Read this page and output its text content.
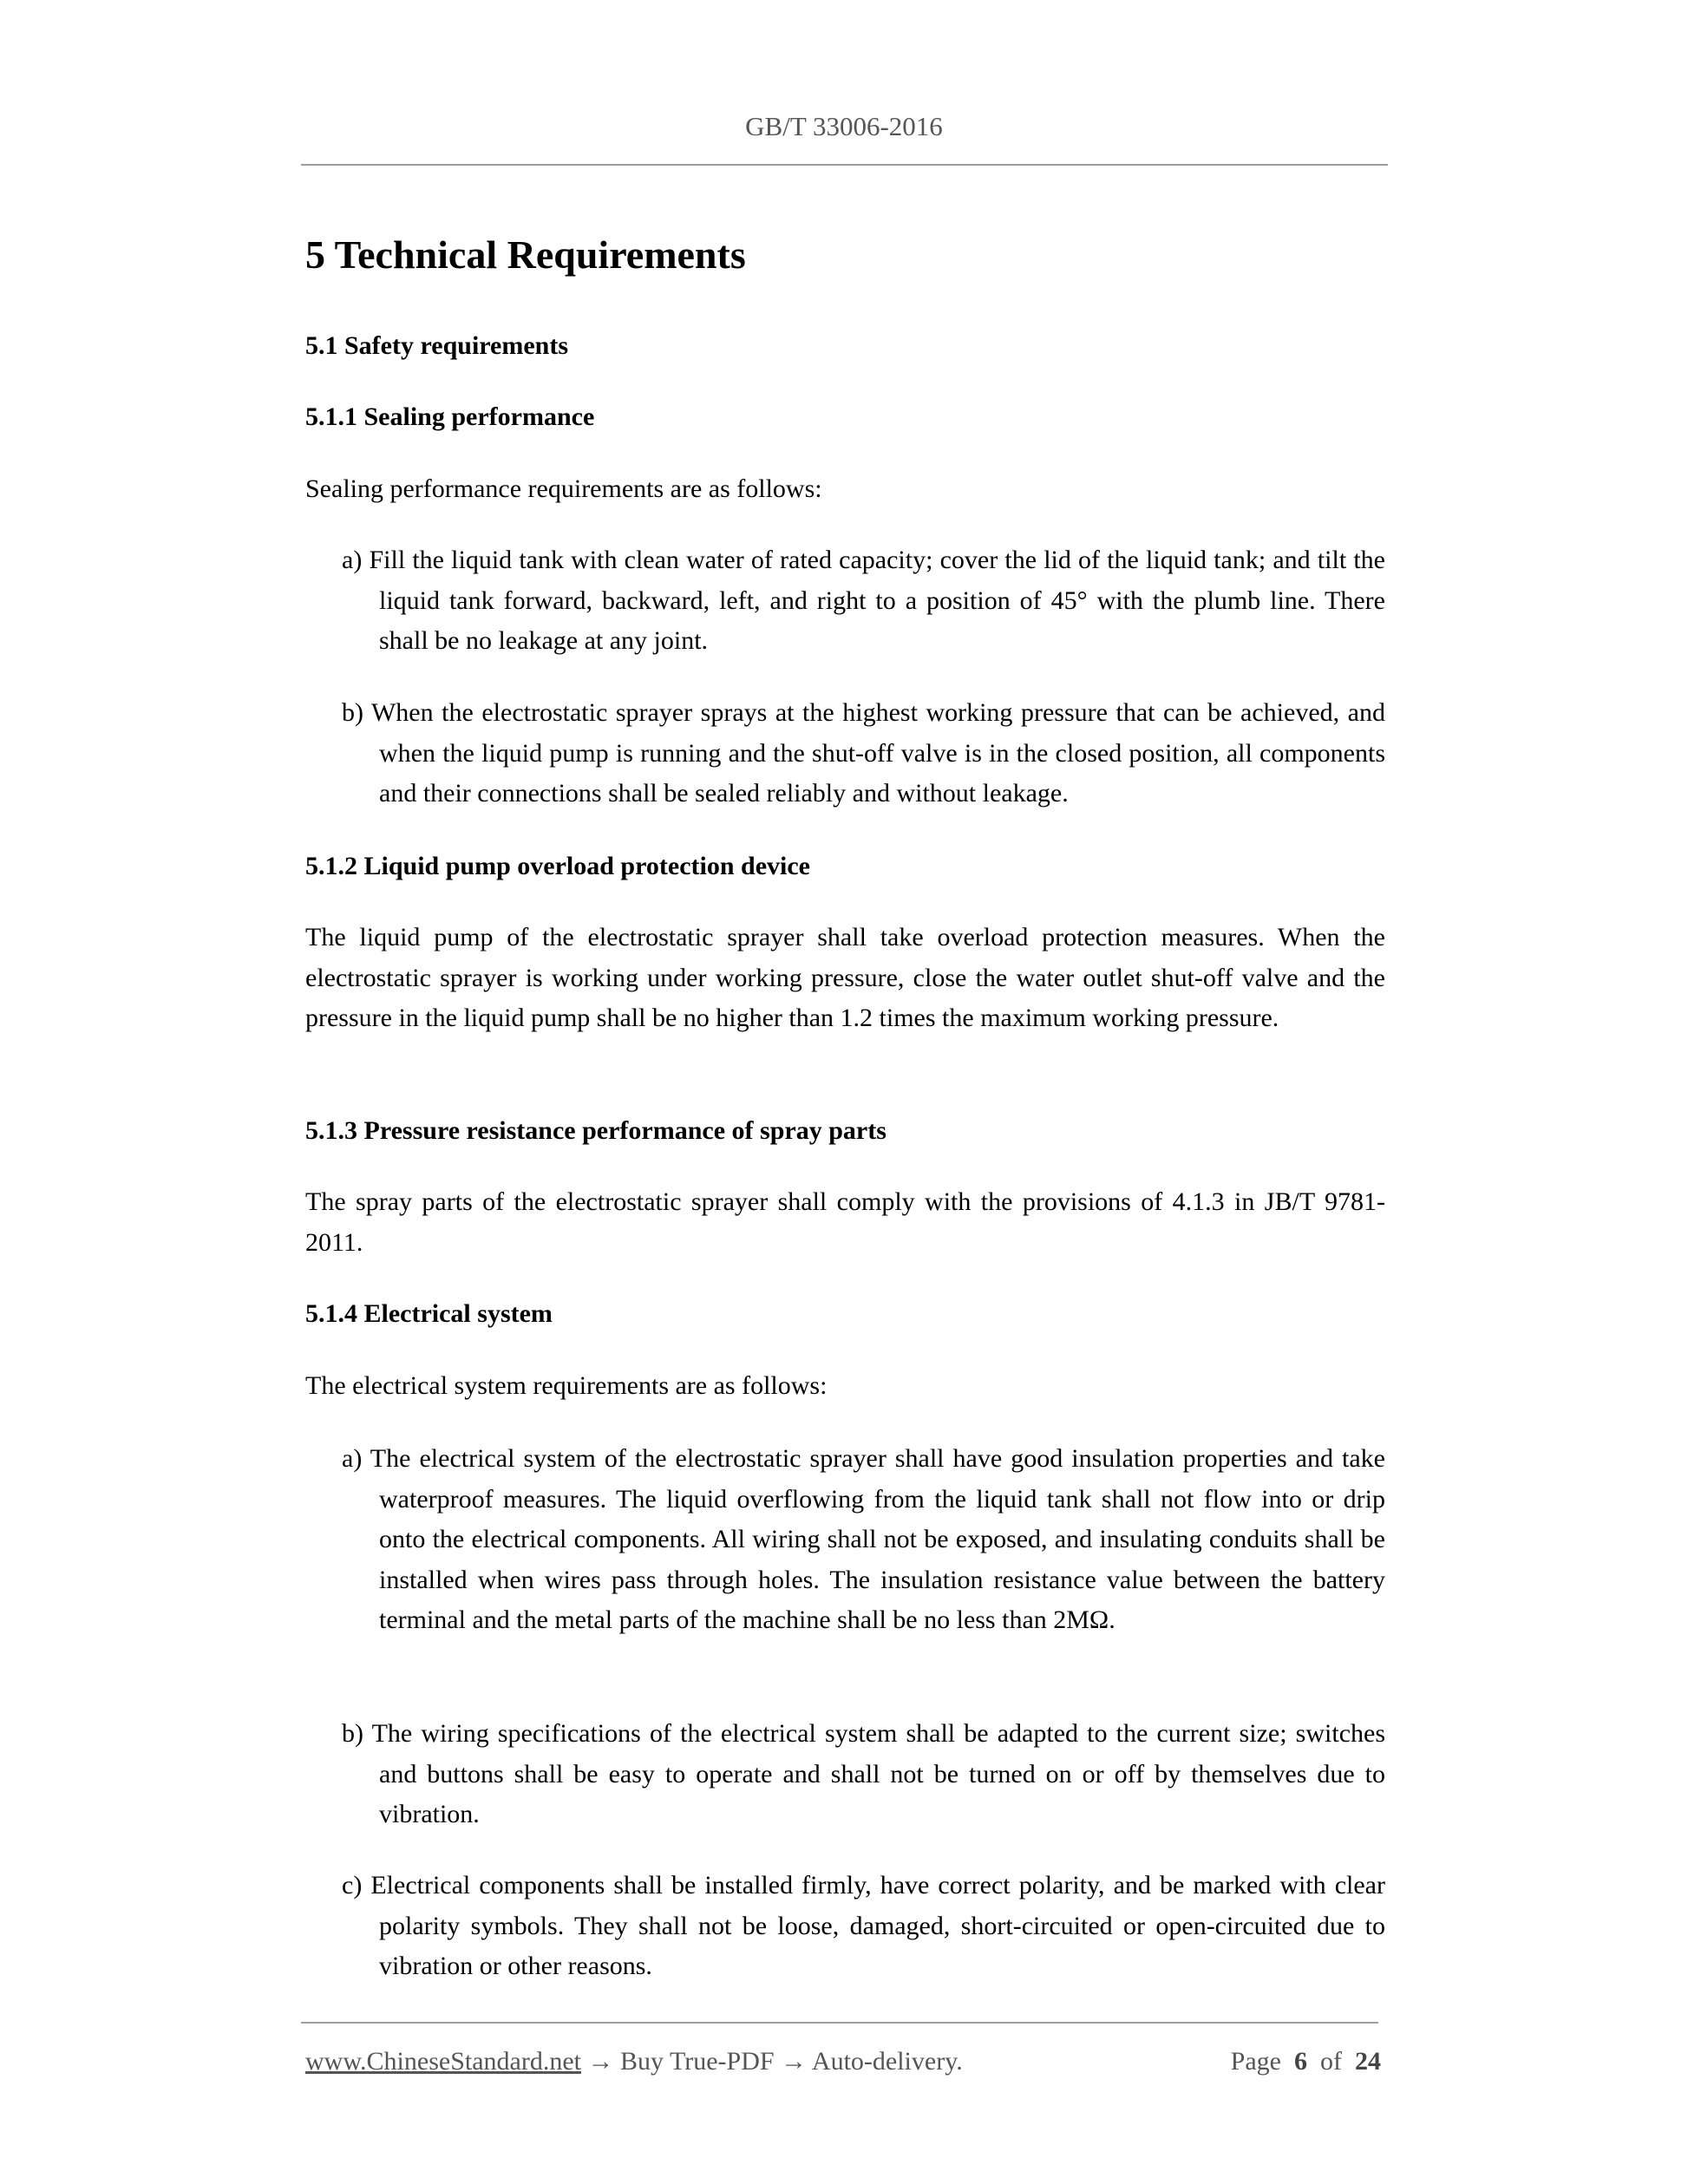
GB/T 33006-2016
5 Technical Requirements
5.1 Safety requirements
5.1.1 Sealing performance
Sealing performance requirements are as follows:
a) Fill the liquid tank with clean water of rated capacity; cover the lid of the liquid tank; and tilt the liquid tank forward, backward, left, and right to a position of 45° with the plumb line. There shall be no leakage at any joint.
b) When the electrostatic sprayer sprays at the highest working pressure that can be achieved, and when the liquid pump is running and the shut-off valve is in the closed position, all components and their connections shall be sealed reliably and without leakage.
5.1.2 Liquid pump overload protection device
The liquid pump of the electrostatic sprayer shall take overload protection measures. When the electrostatic sprayer is working under working pressure, close the water outlet shut-off valve and the pressure in the liquid pump shall be no higher than 1.2 times the maximum working pressure.
5.1.3 Pressure resistance performance of spray parts
The spray parts of the electrostatic sprayer shall comply with the provisions of 4.1.3 in JB/T 9781-2011.
5.1.4 Electrical system
The electrical system requirements are as follows:
a) The electrical system of the electrostatic sprayer shall have good insulation properties and take waterproof measures. The liquid overflowing from the liquid tank shall not flow into or drip onto the electrical components. All wiring shall not be exposed, and insulating conduits shall be installed when wires pass through holes. The insulation resistance value between the battery terminal and the metal parts of the machine shall be no less than 2MΩ.
b) The wiring specifications of the electrical system shall be adapted to the current size; switches and buttons shall be easy to operate and shall not be turned on or off by themselves due to vibration.
c) Electrical components shall be installed firmly, have correct polarity, and be marked with clear polarity symbols. They shall not be loose, damaged, short-circuited or open-circuited due to vibration or other reasons.
www.ChineseStandard.net → Buy True-PDF → Auto-delivery.	Page 6 of 24
